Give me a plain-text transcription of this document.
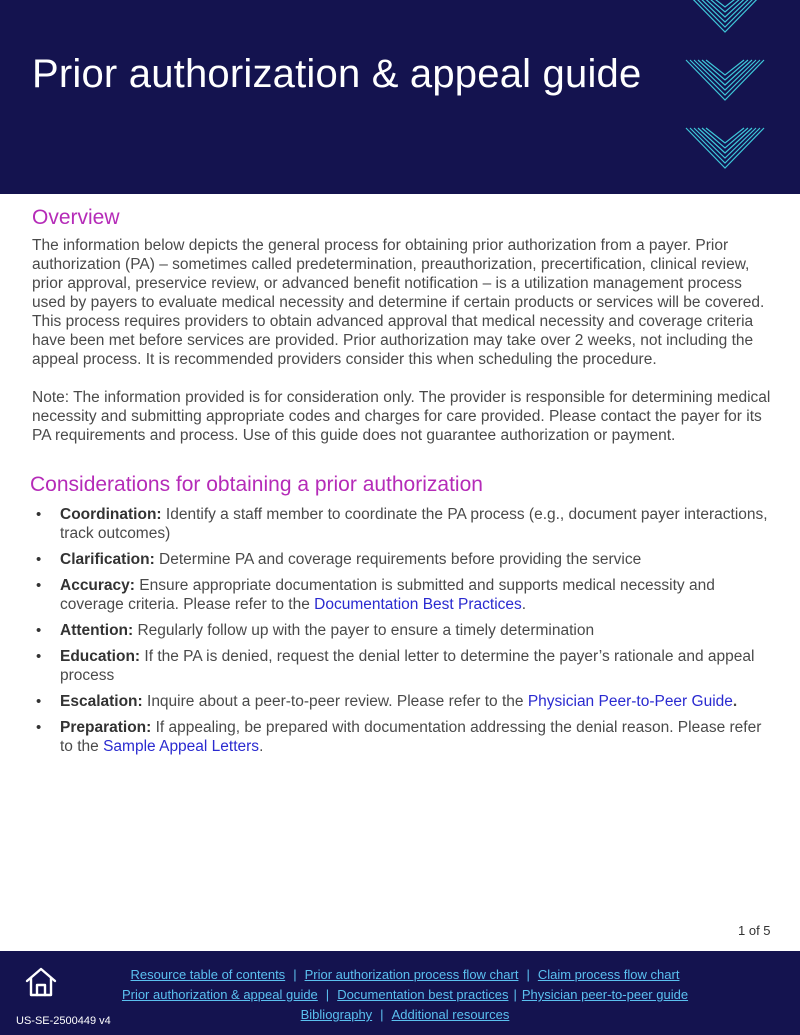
Prior authorization & appeal guide
Overview

The information below depicts the general process for obtaining prior authorization from a payer. Prior authorization (PA) – sometimes called predetermination, preauthorization, precertification, clinical review, prior approval, preservice review, or advanced benefit notification – is a utilization management process used by payers to evaluate medical necessity and determine if certain products or services will be covered. This process requires providers to obtain advanced approval that medical necessity and coverage criteria have been met before services are provided. Prior authorization may take over 2 weeks, not including the appeal process. It is recommended providers consider this when scheduling the procedure.

Note: The information provided is for consideration only. The provider is responsible for determining medical necessity and submitting appropriate codes and charges for care provided. Please contact the payer for its PA requirements and process. Use of this guide does not guarantee authorization or payment.

Considerations for obtaining a prior authorization
• Coordination: Identify a staff member to coordinate the PA process (e.g., document payer interactions, track outcomes)
• Clarification: Determine PA and coverage requirements before providing the service
• Accuracy: Ensure appropriate documentation is submitted and supports medical necessity and coverage criteria. Please refer to the Documentation Best Practices.
• Attention: Regularly follow up with the payer to ensure a timely determination
• Education: If the PA is denied, request the denial letter to determine the payer’s rationale and appeal process
• Escalation: Inquire about a peer-to-peer review. Please refer to the Physician Peer-to-Peer Guide.
• Preparation: If appealing, be prepared with documentation addressing the denial reason. Please refer to the Sample Appeal Letters.
1 of 5
US-SE-2500449 v4
Resource table of contents | Prior authorization process flow chart | Claim process flow chart
Prior authorization & appeal guide | Documentation best practices | Physician peer-to-peer guide
Bibliography | Additional resources
